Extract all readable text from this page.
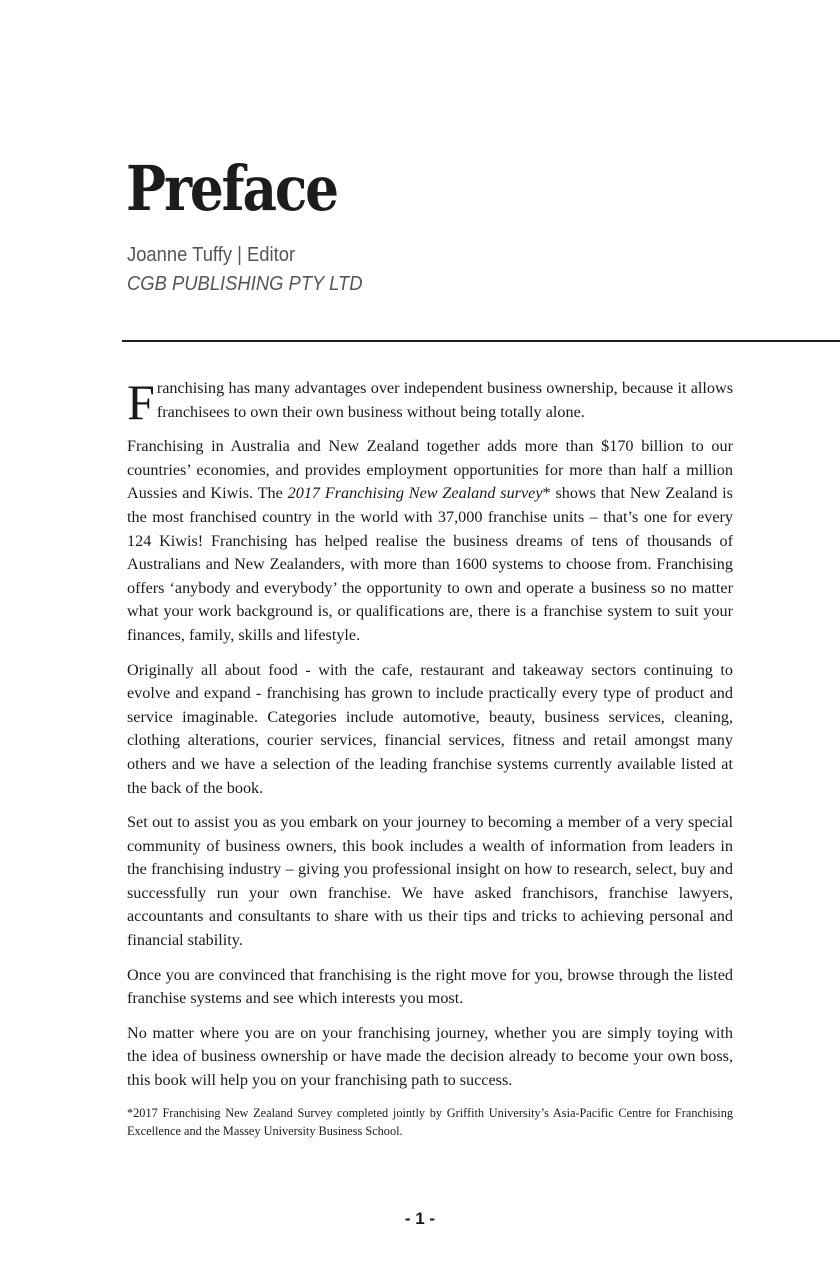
Preface
Joanne Tuffy | Editor
CGB PUBLISHING PTY LTD

Franchising has many advantages over independent business ownership, because it allows franchisees to own their own business without being totally alone.

Franchising in Australia and New Zealand together adds more than $170 billion to our countries’ economies, and provides employment opportunities for more than half a million Aussies and Kiwis. The 2017 Franchising New Zealand survey* shows that New Zealand is the most franchised country in the world with 37,000 franchise units – that’s one for every 124 Kiwis! Franchising has helped realise the business dreams of tens of thousands of Australians and New Zealanders, with more than 1600 systems to choose from. Franchising offers ‘anybody and everybody’ the opportunity to own and operate a business so no matter what your work background is, or qualifications are, there is a franchise system to suit your finances, family, skills and lifestyle.

Originally all about food - with the cafe, restaurant and takeaway sectors continuing to evolve and expand - franchising has grown to include practically every type of product and service imaginable. Categories include automotive, beauty, business services, cleaning, clothing alterations, courier services, financial services, fitness and retail amongst many others and we have a selection of the leading franchise systems currently available listed at the back of the book.

Set out to assist you as you embark on your journey to becoming a member of a very special community of business owners, this book includes a wealth of information from leaders in the franchising industry – giving you professional insight on how to research, select, buy and successfully run your own franchise. We have asked franchisors, franchise lawyers, accountants and consultants to share with us their tips and tricks to achieving personal and financial stability.

Once you are convinced that franchising is the right move for you, browse through the listed franchise systems and see which interests you most.

No matter where you are on your franchising journey, whether you are simply toying with the idea of business ownership or have made the decision already to become your own boss, this book will help you on your franchising path to success.

*2017 Franchising New Zealand Survey completed jointly by Griffith University’s Asia-Pacific Centre for Franchising Excellence and the Massey University Business School.

- 1 -
